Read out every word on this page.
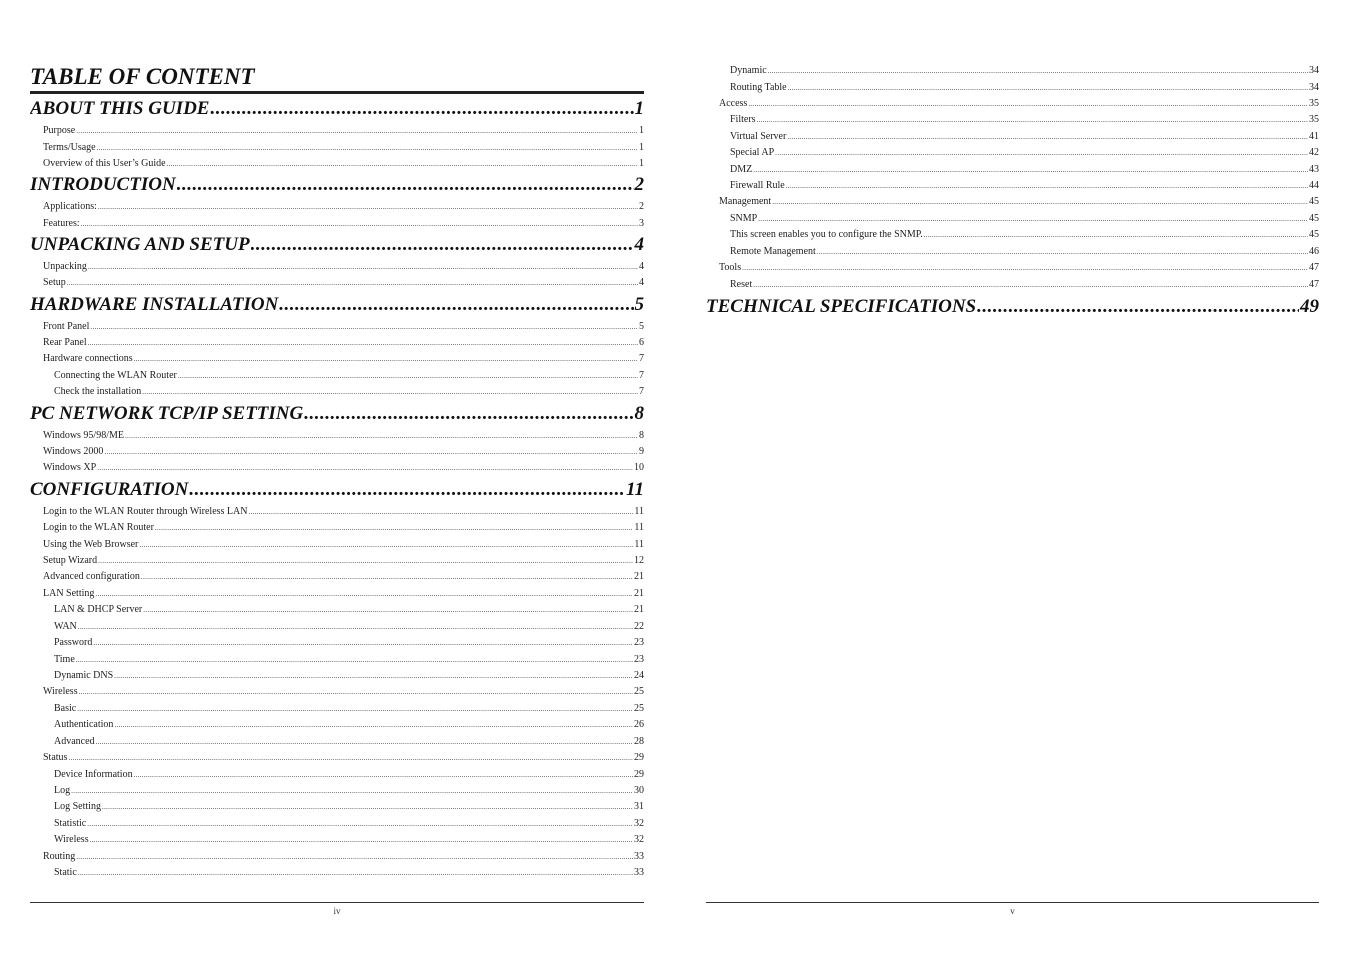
TABLE OF CONTENT
ABOUT THIS GUIDE .....	1
Purpose .....	1
Terms/Usage .....	1
Overview of this User’s Guide .....	1
INTRODUCTION .....	2
Applications: .....	2
Features: .....	3
UNPACKING AND SETUP .....	4
Unpacking .....	4
Setup .....	4
HARDWARE INSTALLATION .....	5
Front Panel .....	5
Rear Panel .....	6
Hardware connections .....	7
Connecting the WLAN Router .....	7
Check the installation .....	7
PC NETWORK TCP/IP SETTING .....	8
Windows 95/98/ME .....	8
Windows 2000 .....	9
Windows XP .....	10
CONFIGURATION .....	11
Login to the WLAN Router through Wireless LAN .....	11
Login to the WLAN Router .....	11
Using the Web Browser .....	11
Setup Wizard .....	12
Advanced configuration .....	21
LAN Setting .....	21
LAN & DHCP Server .....	21
WAN .....	22
Password .....	23
Time .....	23
Dynamic DNS .....	24
Wireless .....	25
Basic .....	25
Authentication .....	26
Advanced .....	28
Status .....	29
Device Information .....	29
Log .....	30
Log Setting .....	31
Statistic .....	32
Wireless .....	32
Routing .....	33
Static .....	33
iv
Dynamic .....	34
Routing Table .....	34
Access .....	35
Filters .....	35
Virtual Server .....	41
Special AP .....	42
DMZ .....	43
Firewall Rule .....	44
Management .....	45
SNMP .....	45
This screen enables you to configure the SNMP. .....	45
Remote Management .....	46
Tools .....	47
Reset .....	47
TECHNICAL SPECIFICATIONS .....	49
v
